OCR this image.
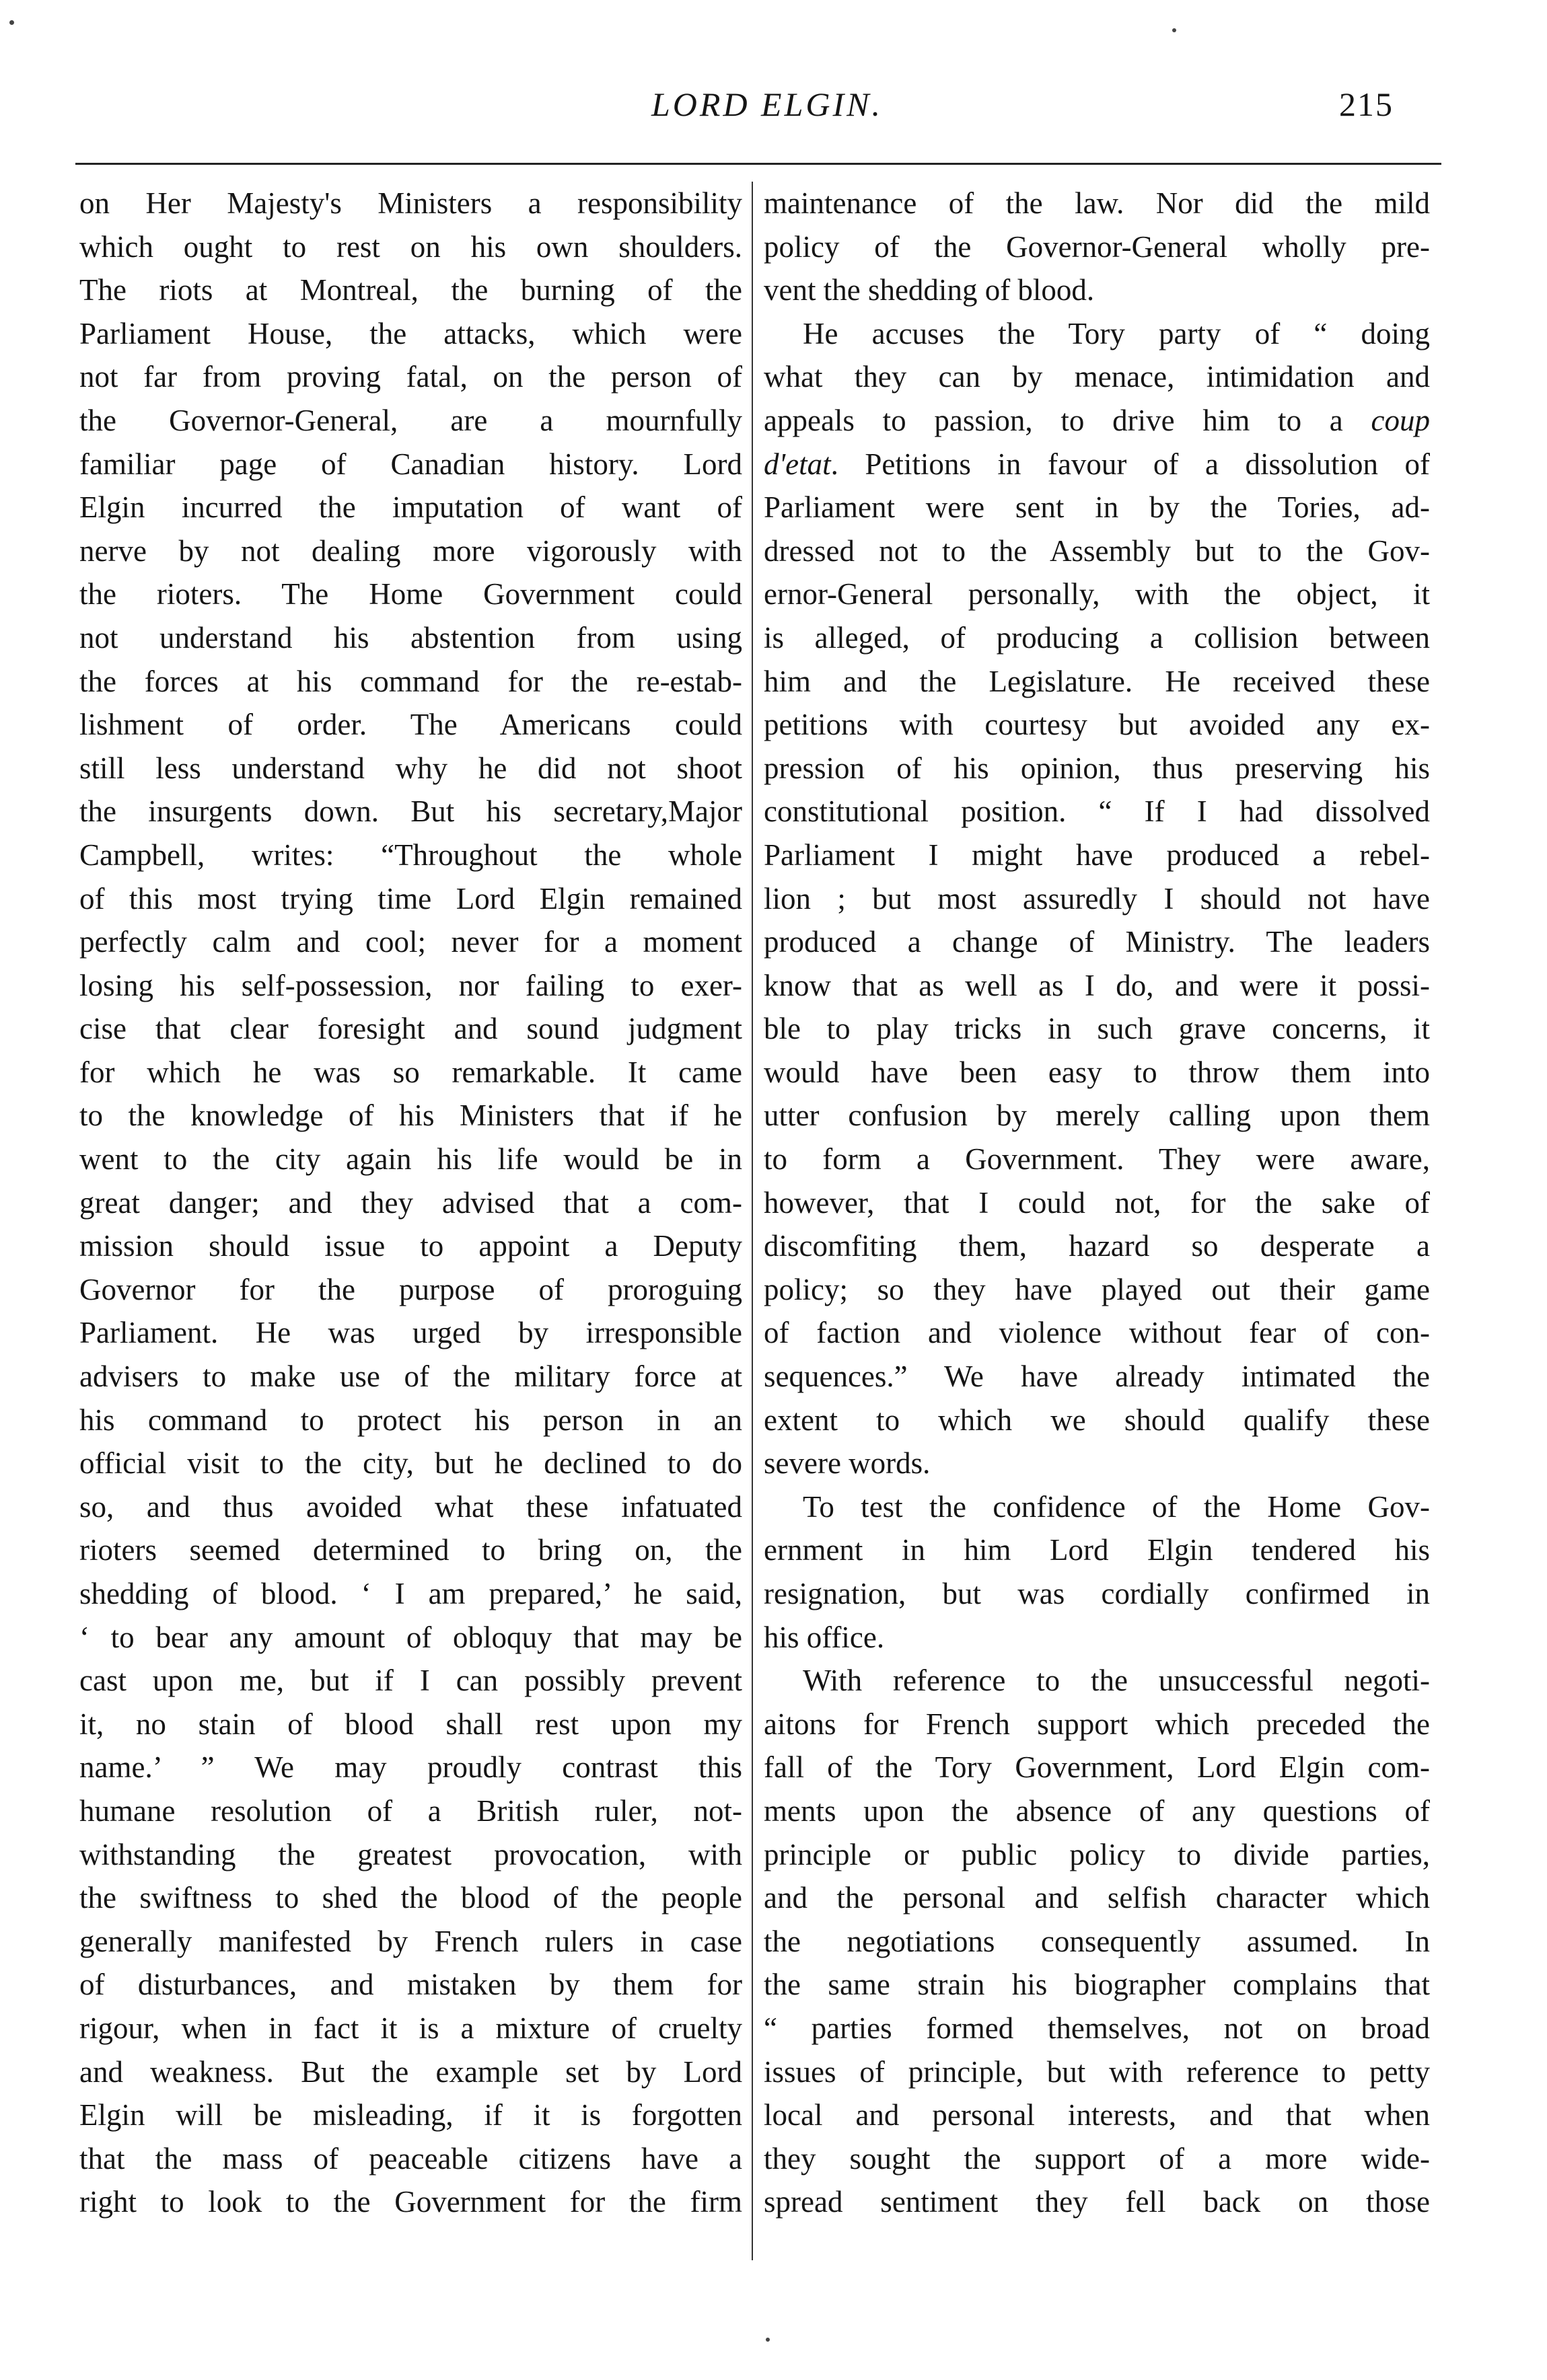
LORD ELGIN.	215
on Her Majesty's Ministers a responsibility
which ought to rest on his own shoulders.
The riots at Montreal, the burning of the
Parliament House, the attacks, which were
not far from proving fatal, on the person of
the Governor-General, are a mournfully
familiar page of Canadian history. Lord
Elgin incurred the imputation of want of
nerve by not dealing more vigorously with
the rioters. The Home Government could
not understand his abstention from using
the forces at his command for the re-estab-
lishment of order. The Americans could
still less understand why he did not shoot
the insurgents down. But his secretary,Major
Campbell, writes: “Throughout the whole
of this most trying time Lord Elgin remained
perfectly calm and cool; never for a moment
losing his self-possession, nor failing to exer-
cise that clear foresight and sound judgment
for which he was so remarkable. It came
to the knowledge of his Ministers that if he
went to the city again his life would be in
great danger; and they advised that a com-
mission should issue to appoint a Deputy
Governor for the purpose of proroguing
Parliament. He was urged by irresponsible
advisers to make use of the military force at
his command to protect his person in an
official visit to the city, but he declined to do
so, and thus avoided what these infatuated
rioters seemed determined to bring on, the
shedding of blood. ‘ I am prepared,’ he said,
‘ to bear any amount of obloquy that may be
cast upon me, but if I can possibly prevent
it, no stain of blood shall rest upon my
name.’ ” We may proudly contrast this
humane resolution of a British ruler, not-
withstanding the greatest provocation, with
the swiftness to shed the blood of the people
generally manifested by French rulers in case
of disturbances, and mistaken by them for
rigour, when in fact it is a mixture of cruelty
and weakness. But the example set by Lord
Elgin will be misleading, if it is forgotten
that the mass of peaceable citizens have a
right to look to the Government for the firm
maintenance of the law. Nor did the mild
policy of the Governor-General wholly pre-
vent the shedding of blood.
He accuses the Tory party of “ doing
what they can by menace, intimidation and
appeals to passion, to drive him to a coup
d'etat. Petitions in favour of a dissolution of
Parliament were sent in by the Tories, ad-
dressed not to the Assembly but to the Gov-
ernor-General personally, with the object, it
is alleged, of producing a collision between
him and the Legislature. He received these
petitions with courtesy but avoided any ex-
pression of his opinion, thus preserving his
constitutional position. “ If I had dissolved
Parliament I might have produced a rebel-
lion ; but most assuredly I should not have
produced a change of Ministry. The leaders
know that as well as I do, and were it possi-
ble to play tricks in such grave concerns, it
would have been easy to throw them into
utter confusion by merely calling upon them
to form a Government. They were aware,
however, that I could not, for the sake of
discomfiting them, hazard so desperate a
policy; so they have played out their game
of faction and violence without fear of con-
sequences.” We have already intimated the
extent to which we should qualify these
severe words.
To test the confidence of the Home Gov-
ernment in him Lord Elgin tendered his
resignation, but was cordially confirmed in
his office.
With reference to the unsuccessful negoti-
aitons for French support which preceded the
fall of the Tory Government, Lord Elgin com-
ments upon the absence of any questions of
principle or public policy to divide parties,
and the personal and selfish character which
the negotiations consequently assumed. In
the same strain his biographer complains that
“ parties formed themselves, not on broad
issues of principle, but with reference to petty
local and personal interests, and that when
they sought the support of a more wide-
spread sentiment they fell back on those
